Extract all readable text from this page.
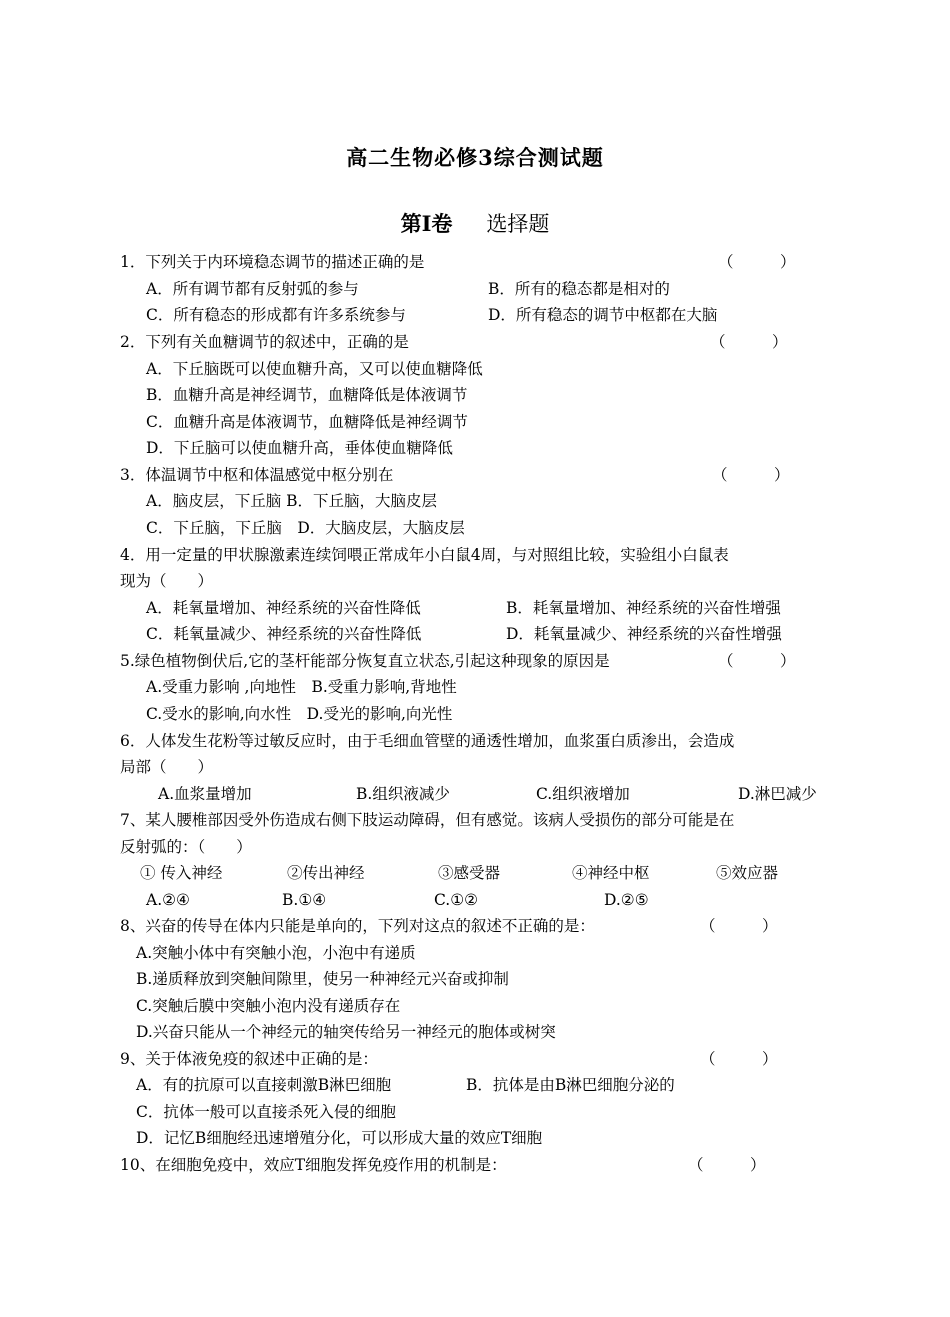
高二生物必修3综合测试题
第Ⅰ卷 选择题
1．下列关于内环境稳态调节的描述正确的是	（　　　）
A．所有调节都有反射弧的参与	B．所有的稳态都是相对的
C．所有稳态的形成都有许多系统参与	D．所有稳态的调节中枢都在大脑
2．下列有关血糖调节的叙述中，正确的是	（　　　）
A．下丘脑既可以使血糖升高，又可以使血糖降低
B．血糖升高是神经调节，血糖降低是体液调节
C．血糖升高是体液调节，血糖降低是神经调节
D．下丘脑可以使血糖升高，垂体使血糖降低
3．体温调节中枢和体温感觉中枢分别在	（　　　）
A．脑皮层，下丘脑 B．下丘脑，大脑皮层
C．下丘脑，下丘脑　D．大脑皮层，大脑皮层
4．用一定量的甲状腺激素连续饲喂正常成年小白鼠4周，与对照组比较，实验组小白鼠表
现为（　　）
A．耗氧量增加、神经系统的兴奋性降低	B．耗氧量增加、神经系统的兴奋性增强
C．耗氧量减少、神经系统的兴奋性降低	D．耗氧量减少、神经系统的兴奋性增强
5.绿色植物倒伏后,它的茎杆能部分恢复直立状态,引起这种现象的原因是	（　　　）
A.受重力影响 ,向地性　B.受重力影响,背地性
C.受水的影响,向水性　D.受光的影响,向光性
6．人体发生花粉等过敏反应时，由于毛细血管壁的通透性增加，血浆蛋白质渗出，会造成
局部（　　）
A.血浆量增加	B.组织液减少	C.组织液增加	D.淋巴减少
7、某人腰椎部因受外伤造成右侧下肢运动障碍，但有感觉。该病人受损伤的部分可能是在
反射弧的：（　　）
① 传入神经	②传出神经	③感受器	④神经中枢	⑤效应器
A.②④	B.①④	C.①②	D.②⑤
8、兴奋的传导在体内只能是单向的，下列对这点的叙述不正确的是：	（　　　）
A.突触小体中有突触小泡，小泡中有递质
B.递质释放到突触间隙里，使另一种神经元兴奋或抑制
C.突触后膜中突触小泡内没有递质存在
D.兴奋只能从一个神经元的轴突传给另一神经元的胞体或树突
9、关于体液免疫的叙述中正确的是：	（　　　）
A．有的抗原可以直接刺激B淋巴细胞	B．抗体是由B淋巴细胞分泌的
C．抗体一般可以直接杀死入侵的细胞
D．记忆B细胞经迅速增殖分化，可以形成大量的效应T细胞
10、在细胞免疫中，效应T细胞发挥免疫作用的机制是：	（　　　）
